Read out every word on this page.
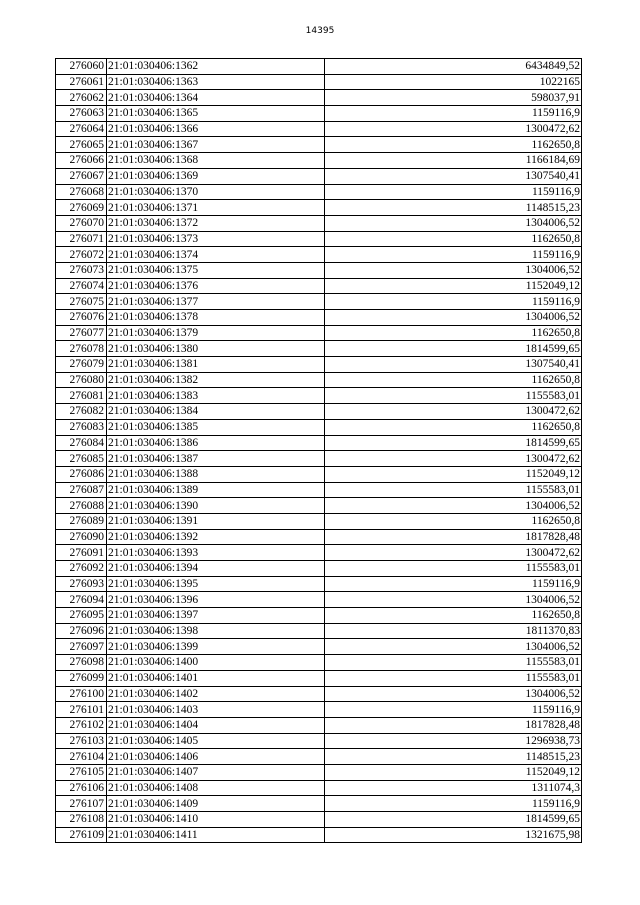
14395
276060	21:01:030406:1362	6434849,52
276061	21:01:030406:1363	1022165
276062	21:01:030406:1364	598037,91
276063	21:01:030406:1365	1159116,9
276064	21:01:030406:1366	1300472,62
276065	21:01:030406:1367	1162650,8
276066	21:01:030406:1368	1166184,69
276067	21:01:030406:1369	1307540,41
276068	21:01:030406:1370	1159116,9
276069	21:01:030406:1371	1148515,23
276070	21:01:030406:1372	1304006,52
276071	21:01:030406:1373	1162650,8
276072	21:01:030406:1374	1159116,9
276073	21:01:030406:1375	1304006,52
276074	21:01:030406:1376	1152049,12
276075	21:01:030406:1377	1159116,9
276076	21:01:030406:1378	1304006,52
276077	21:01:030406:1379	1162650,8
276078	21:01:030406:1380	1814599,65
276079	21:01:030406:1381	1307540,41
276080	21:01:030406:1382	1162650,8
276081	21:01:030406:1383	1155583,01
276082	21:01:030406:1384	1300472,62
276083	21:01:030406:1385	1162650,8
276084	21:01:030406:1386	1814599,65
276085	21:01:030406:1387	1300472,62
276086	21:01:030406:1388	1152049,12
276087	21:01:030406:1389	1155583,01
276088	21:01:030406:1390	1304006,52
276089	21:01:030406:1391	1162650,8
276090	21:01:030406:1392	1817828,48
276091	21:01:030406:1393	1300472,62
276092	21:01:030406:1394	1155583,01
276093	21:01:030406:1395	1159116,9
276094	21:01:030406:1396	1304006,52
276095	21:01:030406:1397	1162650,8
276096	21:01:030406:1398	1811370,83
276097	21:01:030406:1399	1304006,52
276098	21:01:030406:1400	1155583,01
276099	21:01:030406:1401	1155583,01
276100	21:01:030406:1402	1304006,52
276101	21:01:030406:1403	1159116,9
276102	21:01:030406:1404	1817828,48
276103	21:01:030406:1405	1296938,73
276104	21:01:030406:1406	1148515,23
276105	21:01:030406:1407	1152049,12
276106	21:01:030406:1408	1311074,3
276107	21:01:030406:1409	1159116,9
276108	21:01:030406:1410	1814599,65
276109	21:01:030406:1411	1321675,98
